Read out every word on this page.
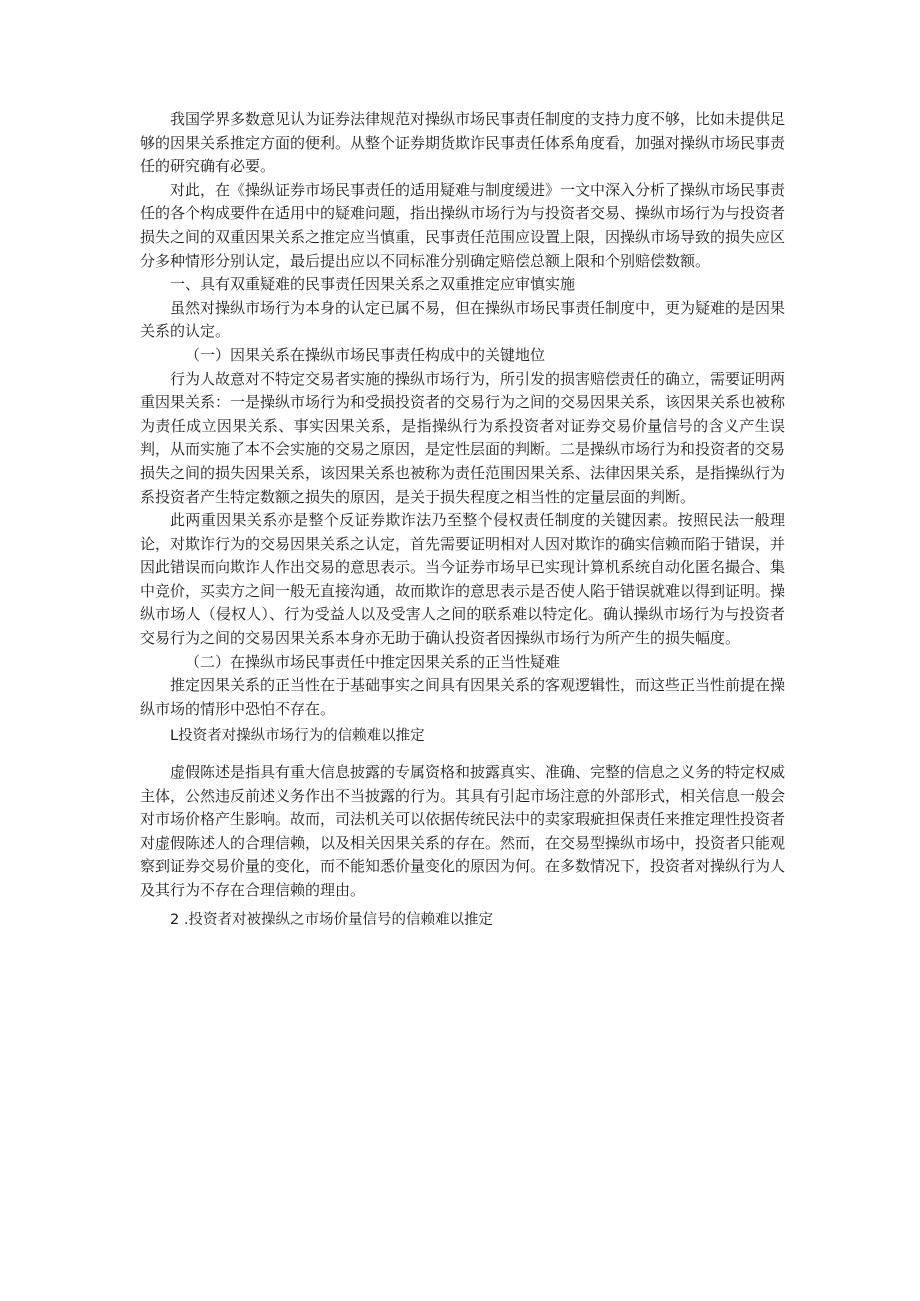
我国学界多数意见认为证券法律规范对操纵市场民事责任制度的支持力度不够，比如未提供足够的因果关系推定方面的便利。从整个证券期货欺诈民事责任体系角度看，加强对操纵市场民事责任的研究确有必要。

对此，在《操纵证券市场民事责任的适用疑难与制度缓进》一文中深入分析了操纵市场民事责任的各个构成要件在适用中的疑难问题，指出操纵市场行为与投资者交易、操纵市场行为与投资者损失之间的双重因果关系之推定应当慎重，民事责任范围应设置上限，因操纵市场导致的损失应区分多种情形分别认定，最后提出应以不同标准分别确定赔偿总额上限和个别赔偿数额。

一、具有双重疑难的民事责任因果关系之双重推定应审慎实施

虽然对操纵市场行为本身的认定已属不易，但在操纵市场民事责任制度中，更为疑难的是因果关系的认定。

（一）因果关系在操纵市场民事责任构成中的关键地位

行为人故意对不特定交易者实施的操纵市场行为，所引发的损害赔偿责任的确立，需要证明两重因果关系：一是操纵市场行为和受损投资者的交易行为之间的交易因果关系，该因果关系也被称为责任成立因果关系、事实因果关系，是指操纵行为系投资者对证券交易价量信号的含义产生误判，从而实施了本不会实施的交易之原因，是定性层面的判断。二是操纵市场行为和投资者的交易损失之间的损失因果关系，该因果关系也被称为责任范围因果关系、法律因果关系，是指操纵行为系投资者产生特定数额之损失的原因，是关于损失程度之相当性的定量层面的判断。

此两重因果关系亦是整个反证券欺诈法乃至整个侵权责任制度的关键因素。按照民法一般理论，对欺诈行为的交易因果关系之认定，首先需要证明相对人因对欺诈的确实信赖而陷于错误，并因此错误而向欺诈人作出交易的意思表示。当今证券市场早已实现计算机系统自动化匿名撮合、集中竞价，买卖方之间一般无直接沟通，故而欺诈的意思表示是否使人陷于错误就难以得到证明。操纵市场人（侵权人）、行为受益人以及受害人之间的联系难以特定化。确认操纵市场行为与投资者交易行为之间的交易因果关系本身亦无助于确认投资者因操纵市场行为所产生的损失幅度。

（二）在操纵市场民事责任中推定因果关系的正当性疑难

推定因果关系的正当性在于基础事实之间具有因果关系的客观逻辑性，而这些正当性前提在操纵市场的情形中恐怕不存在。

L投资者对操纵市场行为的信赖难以推定

虚假陈述是指具有重大信息披露的专属资格和披露真实、准确、完整的信息之义务的特定权威主体，公然违反前述义务作出不当披露的行为。其具有引起市场注意的外部形式，相关信息一般会对市场价格产生影响。故而，司法机关可以依据传统民法中的卖家瑕疵担保责任来推定理性投资者对虚假陈述人的合理信赖，以及相关因果关系的存在。然而，在交易型操纵市场中，投资者只能观察到证券交易价量的变化，而不能知悉价量变化的原因为何。在多数情况下，投资者对操纵行为人及其行为不存在合理信赖的理由。

2 .投资者对被操纵之市场价量信号的信赖难以推定
